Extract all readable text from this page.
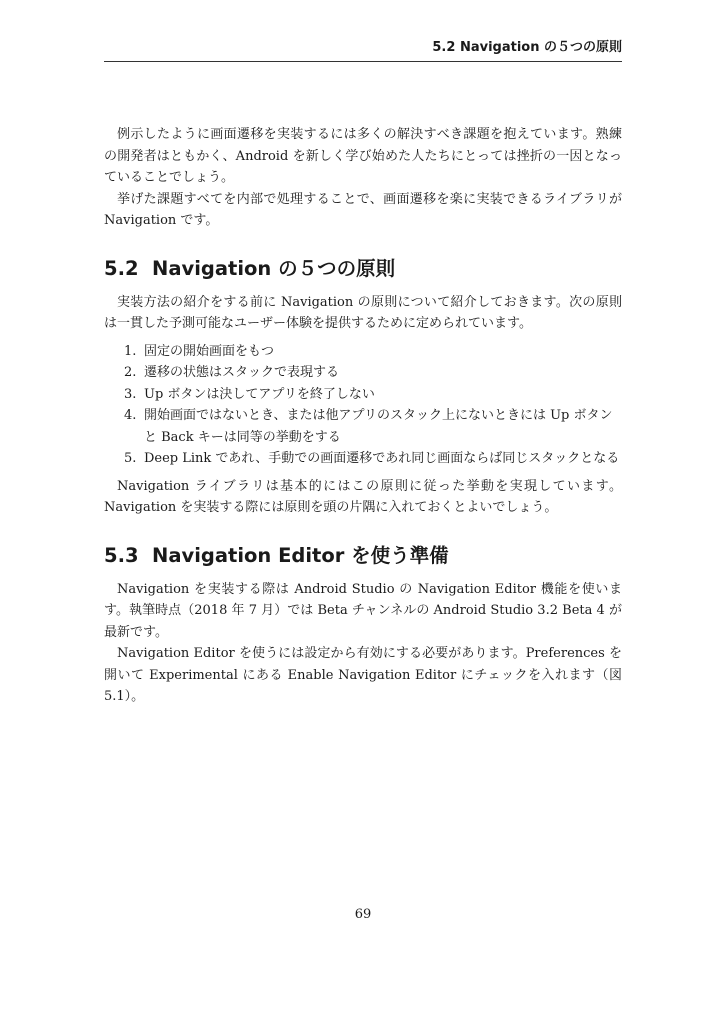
5.2 Navigation の５つの原則

例示したように画面遷移を実装するには多くの解決すべき課題を抱えています。熟練の開発者はともかく、Android を新しく学び始めた人たちにとっては挫折の一因となっていることでしょう。

挙げた課題すべてを内部で処理することで、画面遷移を楽に実装できるライブラリが Navigation です。

5.2 Navigation の５つの原則

実装方法の紹介をする前に Navigation の原則について紹介しておきます。次の原則は一貫した予測可能なユーザー体験を提供するために定められています。

1. 固定の開始画面をもつ
2. 遷移の状態はスタックで表現する
3. Up ボタンは決してアプリを終了しない
4. 開始画面ではないとき、または他アプリのスタック上にないときには Up ボタンと Back キーは同等の挙動をする
5. Deep Link であれ、手動での画面遷移であれ同じ画面ならば同じスタックとなる

Navigation ライブラリは基本的にはこの原則に従った挙動を実現しています。Navigation を実装する際には原則を頭の片隅に入れておくとよいでしょう。

5.3 Navigation Editor を使う準備

Navigation を実装する際は Android Studio の Navigation Editor 機能を使います。執筆時点（2018 年 7 月）では Beta チャンネルの Android Studio 3.2 Beta 4 が最新です。

Navigation Editor を使うには設定から有効にする必要があります。Preferences を開いて Experimental にある Enable Navigation Editor にチェックを入れます（図 5.1）。

69
